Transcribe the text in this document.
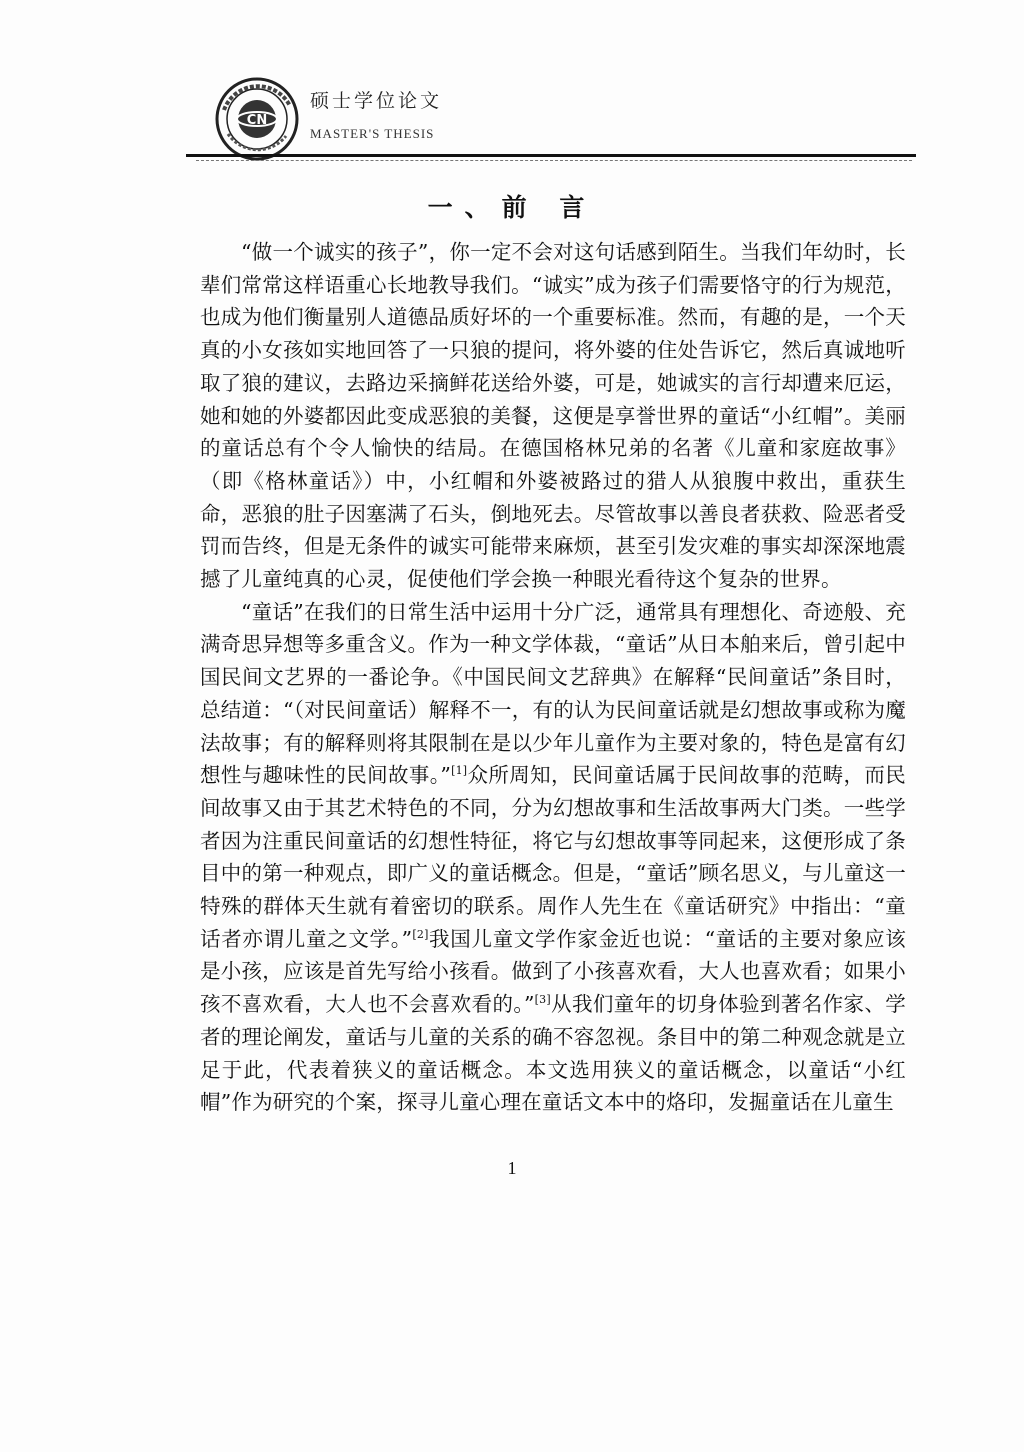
CN
硕士学位论文
MASTER'S THESIS
一、前 言

“做一个诚实的孩子”，你一定不会对这句话感到陌生。当我们年幼时，长辈们常常这样语重心长地教导我们。“诚实”成为孩子们需要恪守的行为规范，也成为他们衡量别人道德品质好坏的一个重要标准。然而，有趣的是，一个天真的小女孩如实地回答了一只狼的提问，将外婆的住处告诉它，然后真诚地听取了狼的建议，去路边采摘鲜花送给外婆，可是，她诚实的言行却遭来厄运，她和她的外婆都因此变成恶狼的美餐，这便是享誉世界的童话“小红帽”。美丽的童话总有个令人愉快的结局。在德国格林兄弟的名著《儿童和家庭故事》（即《格林童话》）中，小红帽和外婆被路过的猎人从狼腹中救出，重获生命，恶狼的肚子因塞满了石头，倒地死去。尽管故事以善良者获救、险恶者受罚而告终，但是无条件的诚实可能带来麻烦，甚至引发灾难的事实却深深地震撼了儿童纯真的心灵，促使他们学会换一种眼光看待这个复杂的世界。

“童话”在我们的日常生活中运用十分广泛，通常具有理想化、奇迹般、充满奇思异想等多重含义。作为一种文学体裁，“童话”从日本舶来后，曾引起中国民间文艺界的一番论争。《中国民间文艺辞典》在解释“民间童话”条目时，总结道：“（对民间童话）解释不一，有的认为民间童话就是幻想故事或称为魔法故事；有的解释则将其限制在是以少年儿童作为主要对象的，特色是富有幻想性与趣味性的民间故事。”[1]众所周知，民间童话属于民间故事的范畴，而民间故事又由于其艺术特色的不同，分为幻想故事和生活故事两大门类。一些学者因为注重民间童话的幻想性特征，将它与幻想故事等同起来，这便形成了条目中的第一种观点，即广义的童话概念。但是，“童话”顾名思义，与儿童这一特殊的群体天生就有着密切的联系。周作人先生在《童话研究》中指出：“童话者亦谓儿童之文学。”[2]我国儿童文学作家金近也说：“童话的主要对象应该是小孩，应该是首先写给小孩看。做到了小孩喜欢看，大人也喜欢看；如果小孩不喜欢看，大人也不会喜欢看的。”[3]从我们童年的切身体验到著名作家、学者的理论阐发，童话与儿童的关系的确不容忽视。条目中的第二种观念就是立足于此，代表着狭义的童话概念。本文选用狭义的童话概念，以童话“小红帽”作为研究的个案，探寻儿童心理在童话文本中的烙印，发掘童话在儿童生

1
